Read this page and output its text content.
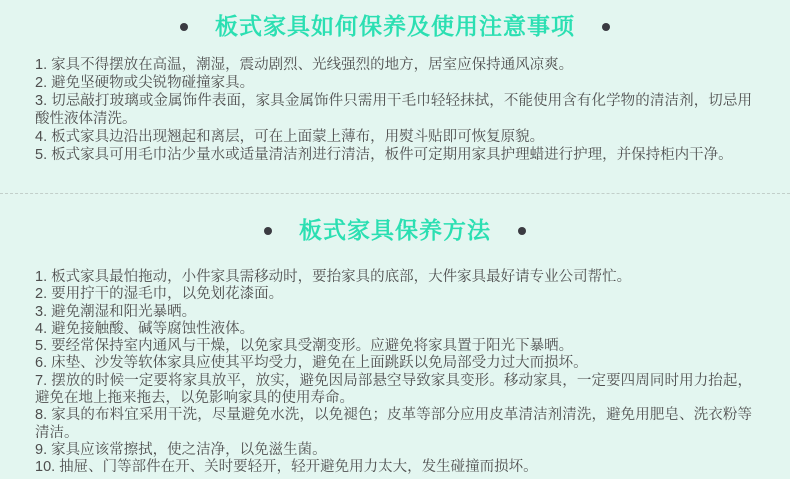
板式家具如何保养及使用注意事项

1. 家具不得摆放在高温，潮湿，震动剧烈、光线强烈的地方，居室应保持通风凉爽。

2. 避免坚硬物或尖锐物碰撞家具。

3. 切忌敲打玻璃或金属饰件表面，家具金属饰件只需用干毛巾轻轻抹拭，不能使用含有化学物的清洁剂，切忌用酸性液体清洗。

4. 板式家具边沿出现翘起和离层，可在上面蒙上薄布，用熨斗贴即可恢复原貌。

5. 板式家具可用毛巾沾少量水或适量清洁剂进行清洁，板件可定期用家具护理蜡进行护理，并保持柜内干净。

板式家具保养方法

1. 板式家具最怕拖动，小件家具需移动时，要抬家具的底部，大件家具最好请专业公司帮忙。

2. 要用拧干的湿毛巾，以免划花漆面。

3. 避免潮湿和阳光暴晒。

4. 避免接触酸、碱等腐蚀性液体。

5. 要经常保持室内通风与干燥，以免家具受潮变形。应避免将家具置于阳光下暴晒。

6. 床垫、沙发等软体家具应使其平均受力，避免在上面跳跃以免局部受力过大而损坏。

7. 摆放的时候一定要将家具放平，放实，避免因局部悬空导致家具变形。移动家具，一定要四周同时用力抬起，避免在地上拖来拖去，以免影响家具的使用寿命。

8. 家具的布料宜采用干洗，尽量避免水洗，以免褪色；皮革等部分应用皮革清洁剂清洗，避免用肥皂、洗衣粉等清洁。

9. 家具应该常擦拭，使之洁净，以免滋生菌。

10. 抽屉、门等部件在开、关时要轻开，轻开避免用力太大，发生碰撞而损坏。
